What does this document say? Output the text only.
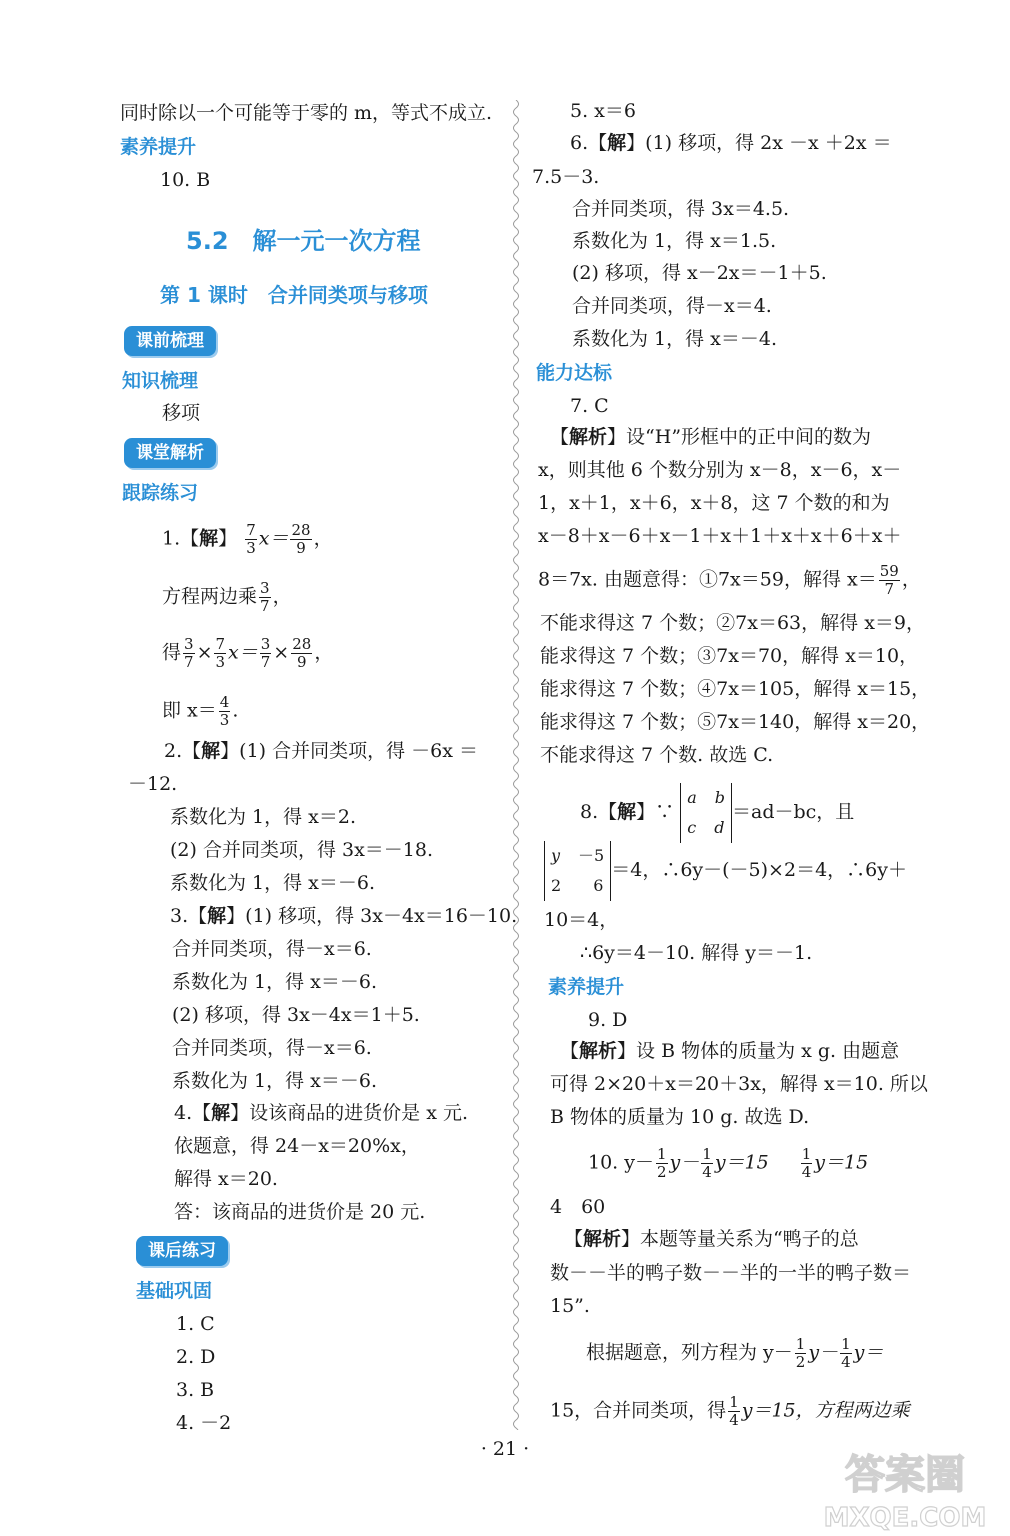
同时除以一个可能等于零的 m，等式不成立.
素养提升
10. B
5.2　解一元一次方程
第 1 课时　合并同类项与移项
课前梳理
知识梳理
移项
课堂解析
跟踪练习
1.【解】 $\frac{7}{3} x= \frac{28}{9}$ ，
方程两边乘 $\frac{3}{7}$ ，
得 $\frac{3}{7} \times \frac{7}{3} x= \frac{3}{7} \times \frac{28}{9}$ ，
即 $x= \frac{4}{3}$ .
2.【解】(1) 合并同类项，得 －6x ＝
－12.
系数化为 1，得 x＝2.
(2) 合并同类项，得 3x＝－18.
系数化为 1，得 x＝－6.
3.【解】(1) 移项，得 3x－4x＝16－10.
合并同类项，得－x＝6.
系数化为 1，得 x＝－6.
(2) 移项，得 3x－4x＝1＋5.
合并同类项，得－x＝6.
系数化为 1，得 x＝－6.
4.【解】设该商品的进货价是 x 元.
依题意，得 24－x＝20%x，
解得 x＝20.
答：该商品的进货价是 20 元.
课后练习
基础巩固
1. C
2. D
3. B
4. －2
5. x＝6
6.【解】(1) 移项，得 2x －x ＋2x ＝
7.5－3.
合并同类项，得 3x＝4.5.
系数化为 1，得 x＝1.5.
(2) 移项，得 x－2x＝－1＋5.
合并同类项，得－x＝4.
系数化为 1，得 x＝－4.
能力达标
7. C
【解析】设“H”形框中的正中间的数为
x，则其他 6 个数分别为 x－8，x－6，x－
1，x＋1，x＋6，x＋8，这 7 个数的和为
x－8＋x－6＋x－1＋x＋1＋x＋x＋6＋x＋
8＝7x. 由题意得：①7x＝59，解得 $x= \frac{59}{7}$ ，
不能求得这 7 个数；②7x＝63，解得 x＝9，
能求得这 7 个数；③7x＝70，解得 x＝10，
能求得这 7 个数；④7x＝105，解得 x＝15，
能求得这 7 个数；⑤7x＝140，解得 x＝20，
不能求得这 7 个数. 故选 C.
8.【解】∵
a b
c d
＝ad－bc，且
y －5
2	6
＝4，∴6y－(－5)×2＝4，∴6y＋
10＝4，
∴6y＝4－10. 解得 y＝－1.
素养提升
9. D
【解析】设 B 物体的质量为 x g. 由题意
可得 2×20＋x＝20＋3x，解得 x＝10. 所以
B 物体的质量为 10 g. 故选 D.
10. $y- \frac{1}{2} y- \frac{1}{4} y=15 \frac{1}{4} y=15$
4　60
【解析】本题等量关系为“鸭子的总
数－－半的鸭子数－－半的一半的鸭子数＝
15”.
根据题意，列方程为 $y- \frac{1}{2} y- \frac{1}{4} y=$
15，合并同类项，得 $\frac{1}{4} y=15$，方程两边乘
· 21 ·
答案圈
MXQE.COM
